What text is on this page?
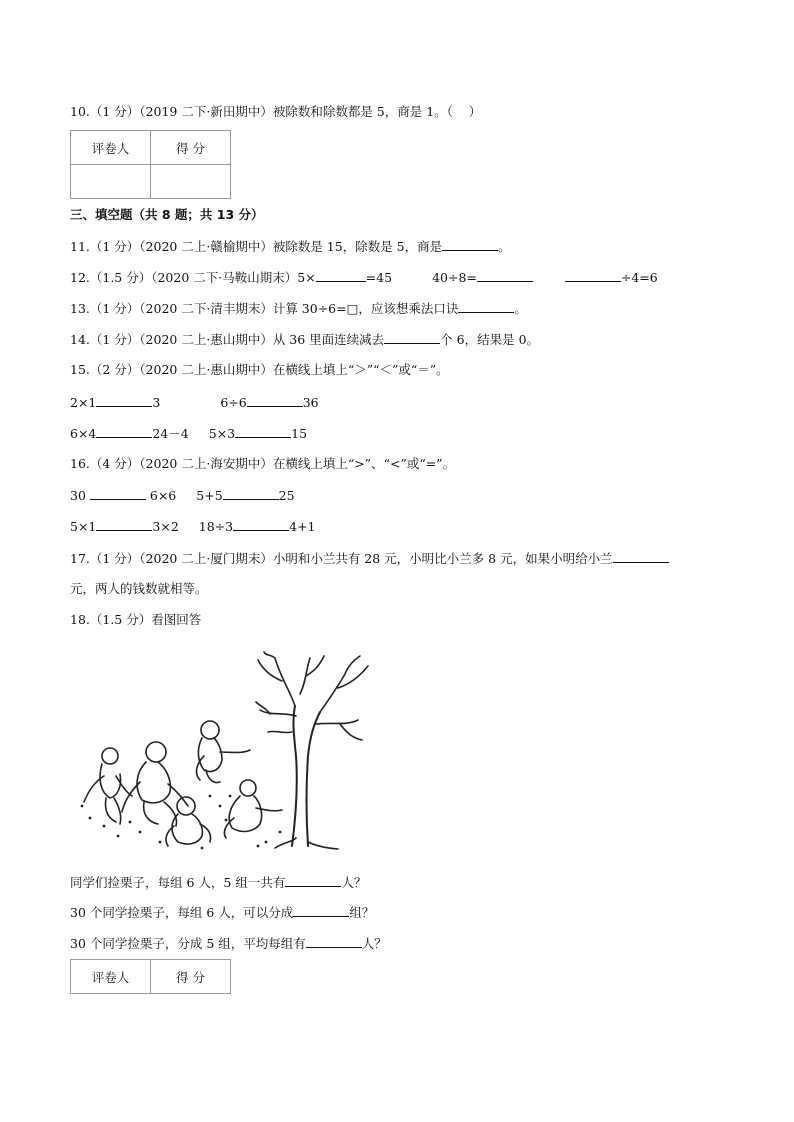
10.（1 分）（2019 二下·新田期中）被除数和除数都是 5，商是 1。（    ）
评卷人	得 分

三、填空题（共 8 题；共 13 分）
11.（1 分）（2020 二上·赣榆期中）被除数是 15，除数是 5，商是	。
12.（1.5 分）（2020 二下·马鞍山期末）5×	=45	40÷8=	÷4=6
13.（1 分）（2020 二下·清丰期末）计算 30÷6=□，应该想乘法口诀	。
14.（1 分）（2020 二上·惠山期中）从 36 里面连续减去	个 6，结果是 0。
15.（2 分）（2020 二上·惠山期中）在横线上填上“＞”“＜”或“＝”。
2×1	3	6÷6	36
6×4	24－4 5×3	15
16.（4 分）（2020 二上·海安期中）在横线上填上“>”、“<”或“=”。
30	6×6 5+5	25
5×1	3×2 18÷3	4+1
17.（1 分）（2020 二上·厦门期末）小明和小兰共有 28 元，小明比小兰多 8 元，如果小明给小兰
元，两人的钱数就相等。
18.（1.5 分）看图回答
同学们捡栗子，每组 6 人，5 组一共有	人？
30 个同学捡栗子，每组 6 人，可以分成	组？
30 个同学捡栗子，分成 5 组，平均每组有	人？
评卷人	得 分
